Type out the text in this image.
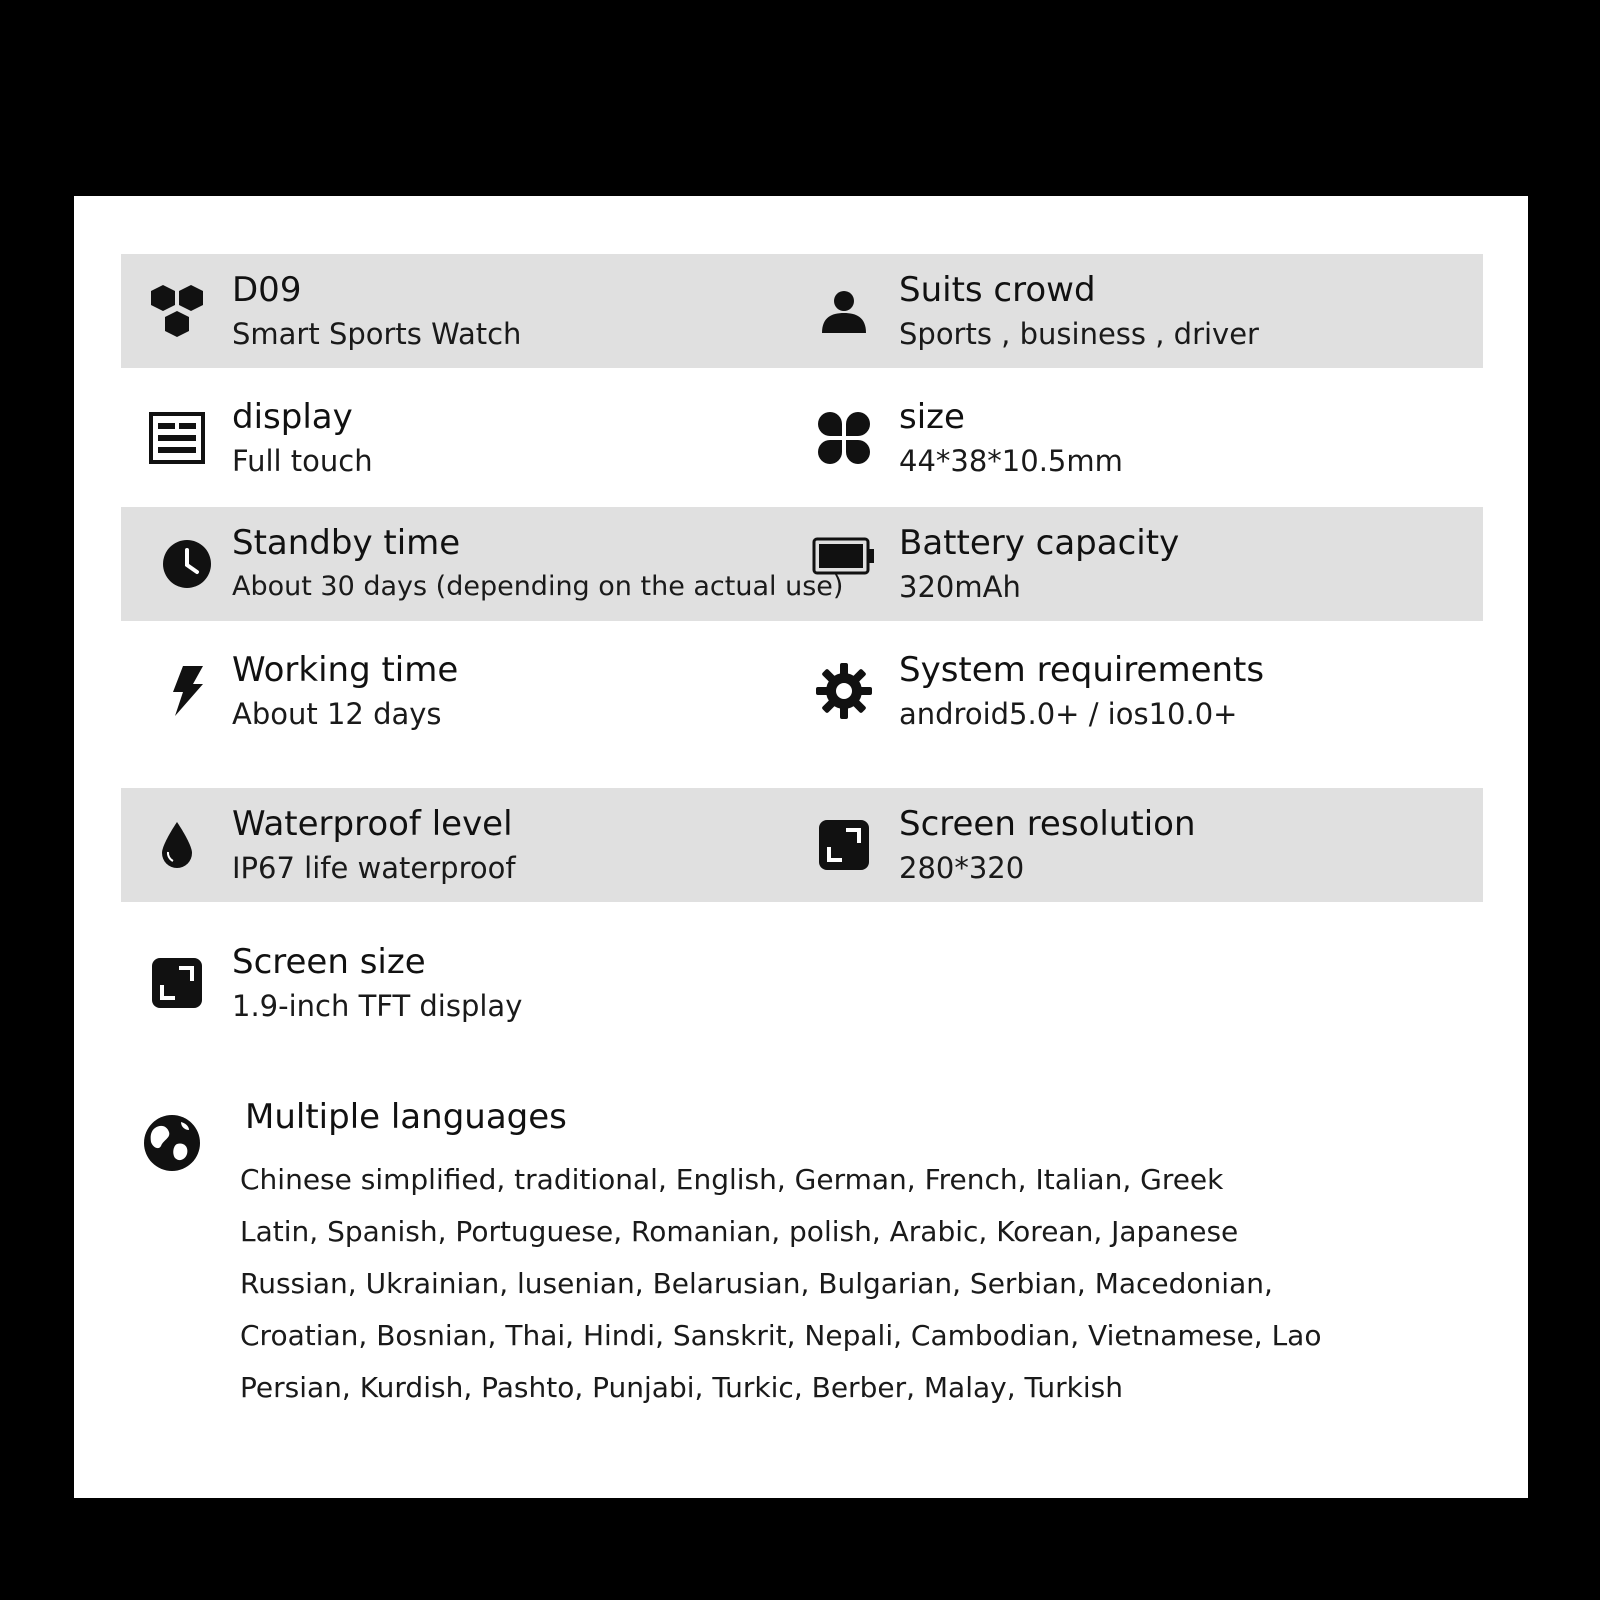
D09
Smart Sports Watch
Suits crowd
Sports , business , driver
display
Full touch
size
44*38*10.5mm
Standby time
About 30 days (depending on the actual use)
Battery capacity
320mAh
Working time
About 12 days
System requirements
android5.0+ / ios10.0+
Waterproof level
IP67 life waterproof
Screen resolution
280*320
Screen size
1.9-inch TFT display
Multiple languages
Chinese simplified, traditional, English, German, French, Italian, Greek
Latin, Spanish, Portuguese, Romanian, polish, Arabic, Korean, Japanese
Russian, Ukrainian, lusenian, Belarusian, Bulgarian, Serbian, Macedonian,
Croatian, Bosnian, Thai, Hindi, Sanskrit, Nepali, Cambodian, Vietnamese, Lao
Persian, Kurdish, Pashto, Punjabi, Turkic, Berber, Malay, Turkish
